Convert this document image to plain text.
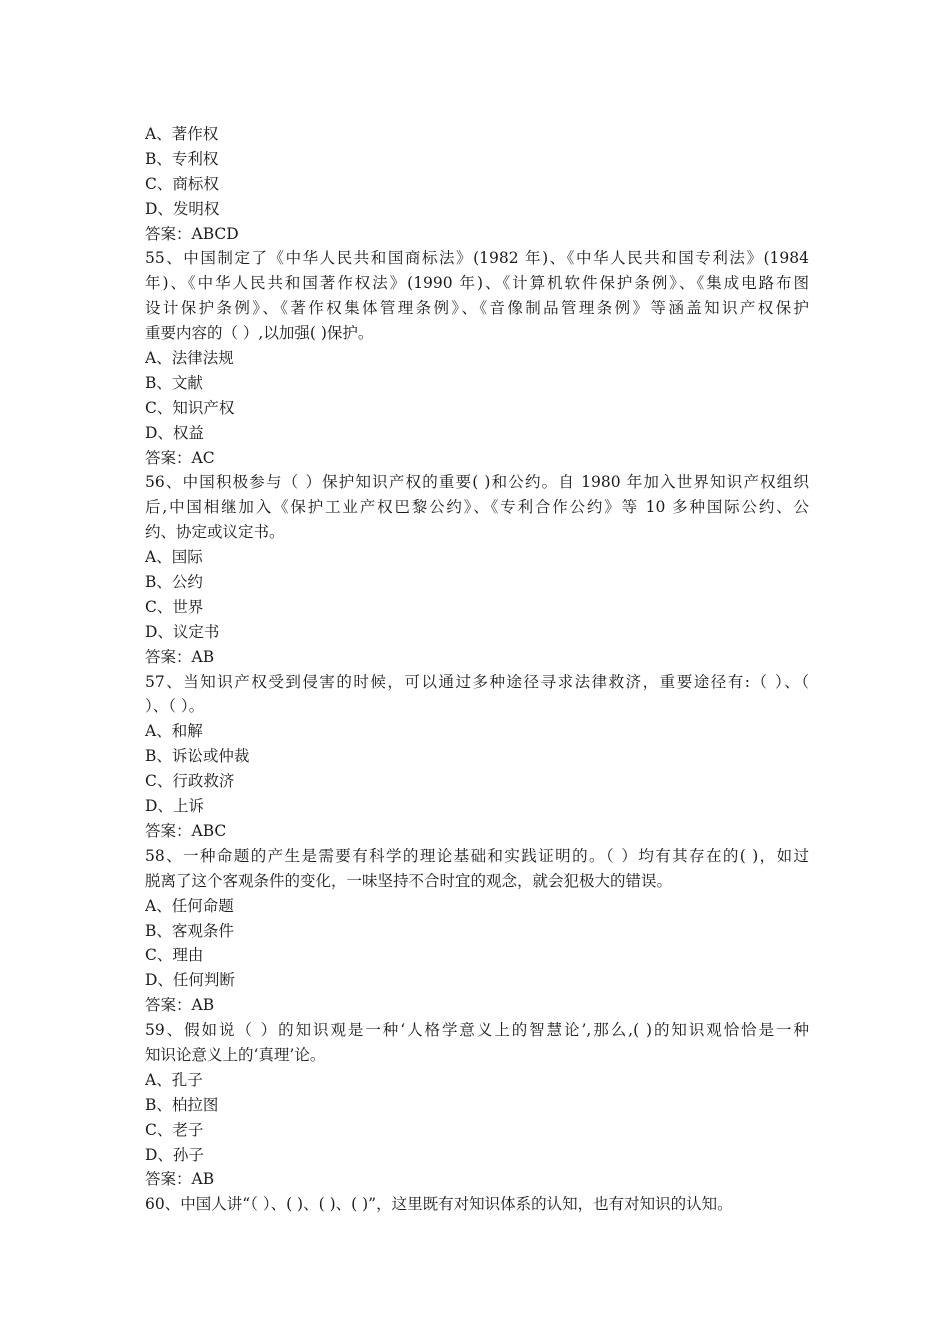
A、著作权
B、专利权
C、商标权
D、发明权
答案：ABCD
55、中国制定了《中华人民共和国商标法》(1982 年)、《中华人民共和国专利法》(1984
年)、《中华人民共和国著作权法》(1990 年)、《计算机软件保护条例》、《集成电路布图
设计保护条例》、《著作权集体管理条例》、《音像制品管理条例》等涵盖知识产权保护
重要内容的（ ）,以加强( )保护。
A、法律法规
B、文献
C、知识产权
D、权益
答案：AC
56、中国积极参与（ ）保护知识产权的重要( )和公约。自 1980 年加入世界知识产权组织
后,中国相继加入《保护工业产权巴黎公约》、《专利合作公约》等 10 多种国际公约、公
约、协定或议定书。
A、国际
B、公约
C、世界
D、议定书
答案：AB
57、当知识产权受到侵害的时候，可以通过多种途径寻求法律救济，重要途径有:（ ）、（
）、（ ）。
A、和解
B、诉讼或仲裁
C、行政救济
D、上诉
答案：ABC
58、一种命题的产生是需要有科学的理论基础和实践证明的。（ ）均有其存在的( )，如过
脱离了这个客观条件的变化，一味坚持不合时宜的观念，就会犯极大的错误。
A、任何命题
B、客观条件
C、理由
D、任何判断
答案：AB
59、假如说（ ）的知识观是一种‘人格学意义上的智慧论’,那么,( )的知识观恰恰是一种
知识论意义上的‘真理’论。
A、孔子
B、柏拉图
C、老子
D、孙子
答案：AB
60、中国人讲“（ ）、( )、( )、( )”，这里既有对知识体系的认知，也有对知识的认知。
